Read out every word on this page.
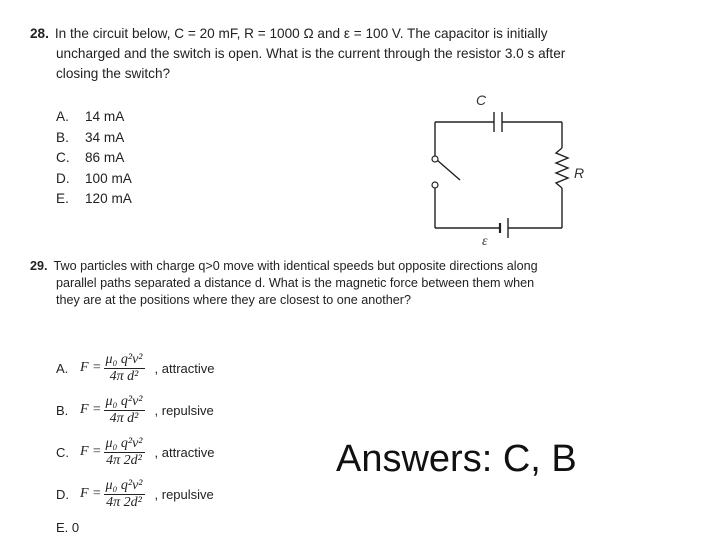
28. In the circuit below, C = 20 mF, R = 1000 Ω and ε = 100 V. The capacitor is initially
uncharged and the switch is open. What is the current through the resistor 3.0 s after
closing the switch?
A.	14 mA
B.	34 mA
C.	86 mA
D.	100 mA
E.	120 mA
C
R
ε
29. Two particles with charge q>0 move with identical speeds but opposite directions along
parallel paths separated a distance d. What is the magnetic force between them when
they are at the positions where they are closest to one another?
A. $F = \frac{\text{μ₀ q²v²}}{\text{4π d²}}$ , attractive
B. $F = \frac{\text{μ₀ q²v²}}{\text{4π d²}}$ , repulsive
C. $F = \frac{\text{μ₀ q²v²}}{\text{4π 2d²}}$ , attractive
D. $F = \frac{\text{μ₀ q²v²}}{\text{4π 2d²}}$ , repulsive
E. 0
Answers: C, B
